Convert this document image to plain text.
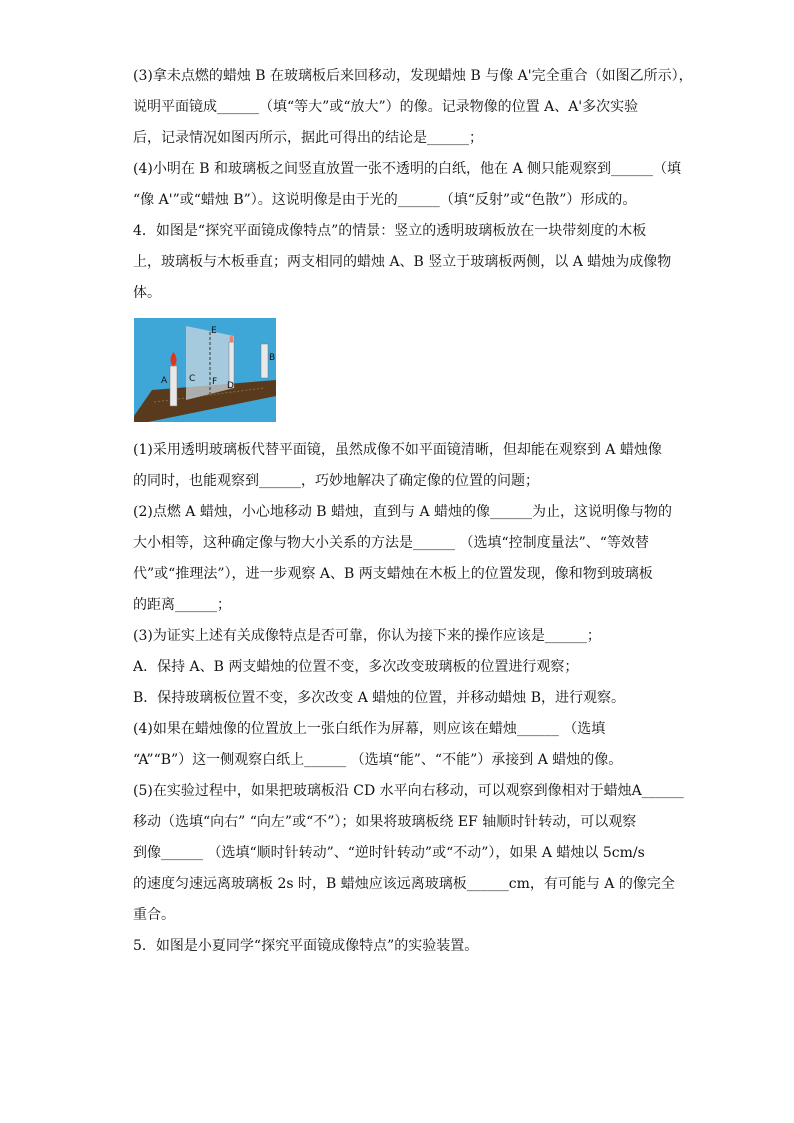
(3)拿未点燃的蜡烛 B 在玻璃板后来回移动，发现蜡烛 B 与像 A'完全重合（如图乙所示），
说明平面镜成______（填“等大”或“放大”）的像。记录物像的位置 A、A'多次实验
后，记录情况如图丙所示，据此可得出的结论是______；
(4)小明在 B 和玻璃板之间竖直放置一张不透明的白纸，他在 A 侧只能观察到______（填
“像 A'”或“蜡烛 B”）。这说明像是由于光的______（填“反射”或“色散”）形成的。
4．如图是“探究平面镜成像特点”的情景：竖立的透明玻璃板放在一块带刻度的木板
上，玻璃板与木板垂直；两支相同的蜡烛 A、B 竖立于玻璃板两侧，以 A 蜡烛为成像物
体。
E
A C F D
B
(1)采用透明玻璃板代替平面镜，虽然成像不如平面镜清晰，但却能在观察到 A 蜡烛像
的同时，也能观察到______，巧妙地解决了确定像的位置的问题；
(2)点燃 A 蜡烛，小心地移动 B 蜡烛，直到与 A 蜡烛的像______为止，这说明像与物的
大小相等，这种确定像与物大小关系的方法是______ （选填“控制度量法”、“等效替
代”或“推理法”），进一步观察 A、B 两支蜡烛在木板上的位置发现，像和物到玻璃板
的距离______；
(3)为证实上述有关成像特点是否可靠，你认为接下来的操作应该是______；
A．保持 A、B 两支蜡烛的位置不变，多次改变玻璃板的位置进行观察；
B．保持玻璃板位置不变，多次改变 A 蜡烛的位置，并移动蜡烛 B，进行观察。
(4)如果在蜡烛像的位置放上一张白纸作为屏幕，则应该在蜡烛______ （选填
“A”“B”）这一侧观察白纸上______ （选填“能”、“不能”）承接到 A 蜡烛的像。
(5)在实验过程中，如果把玻璃板沿 CD 水平向右移动，可以观察到像相对于蜡烛A______
移动（选填“向右” “向左”或“不”）；如果将玻璃板绕 EF 轴顺时针转动，可以观察
到像______ （选填“顺时针转动”、“逆时针转动”或“不动”），如果 A 蜡烛以 5cm/s
的速度匀速远离玻璃板 2s 时，B 蜡烛应该远离玻璃板______cm，有可能与 A 的像完全
重合。
5．如图是小夏同学“探究平面镜成像特点”的实验装置。
